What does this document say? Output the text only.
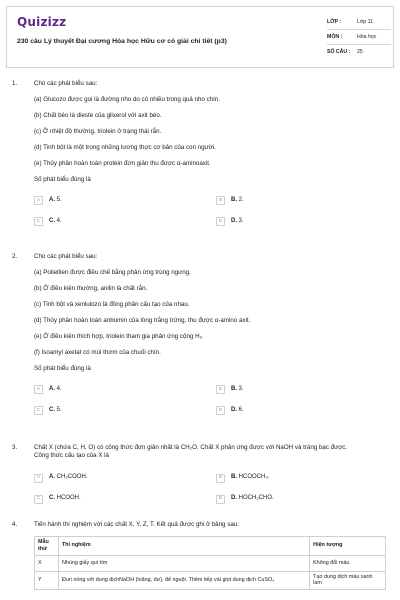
Quizizz
230 câu Lý thuyết Đại cương Hóa học Hữu cơ có giải chi tiết (p3)
LỚP :	Lớp 11
MÔN :	Hóa học
SỐ CÂU :	25
1.	Cho các phát biểu sau:
(a) Glucozo được gọi là đường nho do có nhiều trong quả nho chín.
(b) Chất béo là dieste của glixerol với axit béo.
(c) Ở nhiệt độ thường, triolein ở trạng thái rắn.
(d) Tinh bột là một trong những lương thực cơ bản của con người.
(e) Thủy phân hoàn toàn protein đơn giản thu được α-aminoaxit.
Số phát biểu đúng là
A	A. 5.	B	B. 2.
C	C. 4.	D	D. 3.
2.	Cho các phát biểu sau:
(a) Polietilen được điều chế bằng phản ứng trùng ngưng.
(b) Ở điều kiện thường, anilin là chất rắn.
(c) Tinh bột và xenlulozo là đồng phân cấu tạo của nhau.
(d) Thủy phân hoàn toàn anbumin của lòng trắng trứng, thu được α-amino axit.
(e) Ở điều kiện thích hợp, triolein tham gia phản ứng cộng H₂.
(f) Isoamyl axetat có mùi thơm của chuối chín.
Số phát biểu đúng là
A	A. 4.	B	B. 3.
C	C. 5.	D	D. 6.
3.	Chất X (chứa C, H, O) có công thức đơn giản nhất là CH₂O. Chất X phản ứng được với NaOH và tráng bạc được.
Công thức cấu tạo của X là
A	A. CH₃COOH.	B	B. HCOOCH₃.
C	C. HCOOH.	D	D. HOCH₂CHO.
4.	Tiến hành thí nghiệm với các chất X, Y, Z, T. Kết quả được ghi ở bảng sau:
Mẫu thử	Thí nghiệm	Hiện tượng
X	Nhúng giấy quì tím	Không đổi màu
Y	Đun nóng với dung dịchNaOH (loãng, dư), để nguội. Thêm tiếp vài giọt dung dịch CuSO₄	Tạo dung dịch màu xanh lam
